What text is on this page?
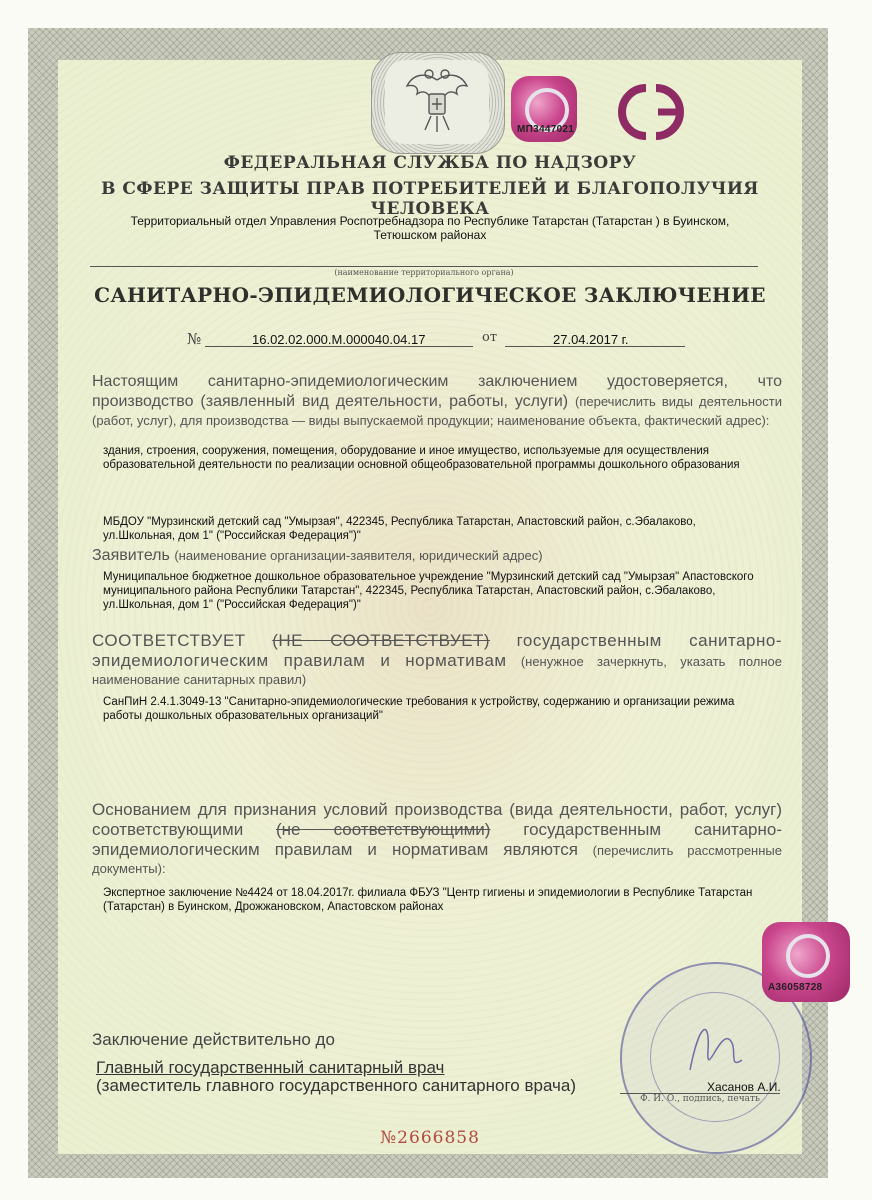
МП3447021
ФЕДЕРАЛЬНАЯ СЛУЖБА ПО НАДЗОРУ
В СФЕРЕ ЗАЩИТЫ ПРАВ ПОТРЕБИТЕЛЕЙ И БЛАГОПОЛУЧИЯ ЧЕЛОВЕКА
Территориальный отдел Управления Роспотребнадзора по Республике Татарстан (Татарстан ) в Буинском, Тетюшском районах
(наименование территориального органа)
САНИТАРНО-ЭПИДЕМИОЛОГИЧЕСКОЕ ЗАКЛЮЧЕНИЕ
№	16.02.02.000.М.000040.04.17	от	27.04.2017 г.
Настоящим санитарно-эпидемиологическим заключением удостоверяется, что производство (заявленный вид деятельности, работы, услуги) (перечислить виды деятельности (работ, услуг), для производства — виды выпускаемой продукции; наименование объекта, фактический адрес):
здания, строения, сооружения, помещения, оборудование и иное имущество, используемые для осуществления образовательной деятельности по реализации основной общеобразовательной программы дошкольного образования
МБДОУ "Мурзинский детский сад "Умырзая", 422345, Республика Татарстан, Апастовский район, с.Эбалаково, ул.Школьная, дом 1" ("Российская Федерация")"
Заявитель (наименование организации-заявителя, юридический адрес)
Муниципальное бюджетное дошкольное образовательное учреждение "Мурзинский детский сад "Умырзая" Апастовского муниципального района Республики Татарстан", 422345, Республика Татарстан, Апастовский район, с.Эбалаково, ул.Школьная, дом 1" ("Российская Федерация")"
СООТВЕТСТВУЕТ (НЕ СООТВЕТСТВУЕТ) государственным санитарно-эпидемиологическим правилам и нормативам (ненужное зачеркнуть, указать полное наименование санитарных правил)
СанПиН 2.4.1.3049-13 "Санитарно-эпидемиологические требования к устройству, содержанию и организации режима работы дошкольных образовательных организаций"
Основанием для признания условий производства (вида деятельности, работ, услуг) соответствующими (не соответствующими) государственным санитарно-эпидемиологическим правилам и нормативам являются (перечислить рассмотренные документы):
Экспертное заключение №4424 от 18.04.2017г. филиала ФБУЗ "Центр гигиены и эпидемиологии в Республике Татарстан (Татарстан) в Буинском, Дрожжановском, Апастовском районах
А36058728
Заключение действительно до
Главный государственный санитарный врач
(заместитель главного государственного санитарного врача)	Хасанов А.И.
Ф. И. О., подпись, печать
№2666858
